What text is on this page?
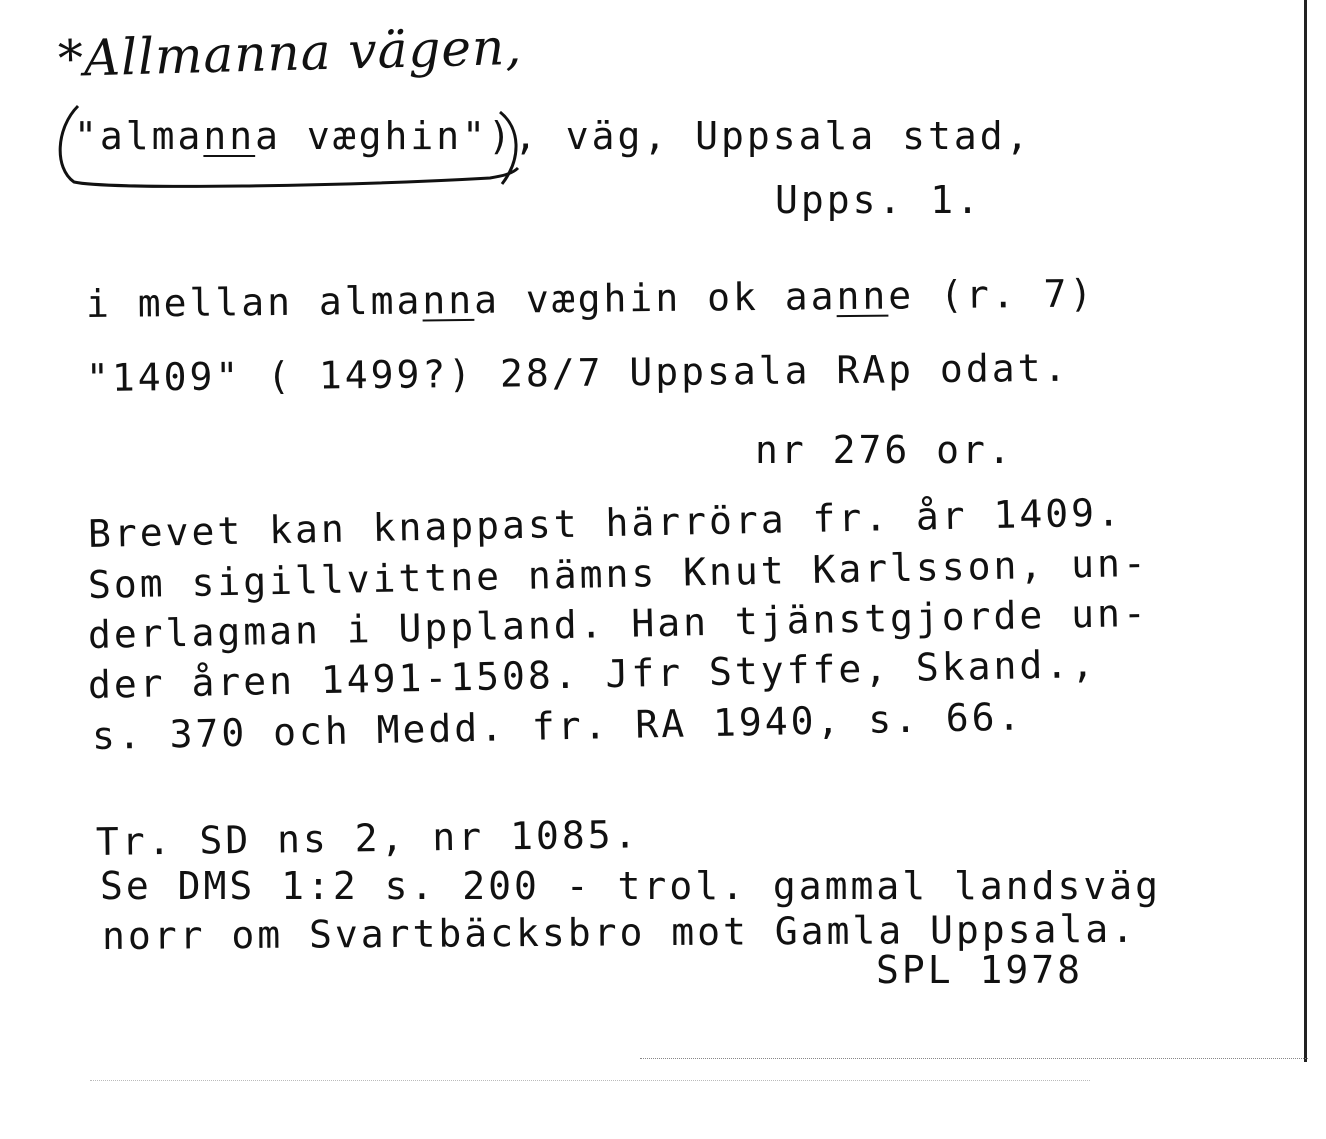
*Allmanna vägen,
"almanna væghin"), väg, Uppsala stad,
Upps. 1.
i mellan almanna væghin ok aanne (r. 7)
"1409" ( 1499?) 28/7 Uppsala RAp odat.
nr 276 or.
Brevet kan knappast härröra fr. år 1409.
Som sigillvittne nämns Knut Karlsson, un-
derlagman i Uppland. Han tjänstgjorde un-
der åren 1491-1508. Jfr Styffe, Skand.,
s. 370 och Medd. fr. RA 1940, s. 66.
Tr. SD ns 2, nr 1085.
Se DMS 1:2 s. 200 - trol. gammal landsväg
norr om Svartbäcksbro mot Gamla Uppsala.
SPL 1978
